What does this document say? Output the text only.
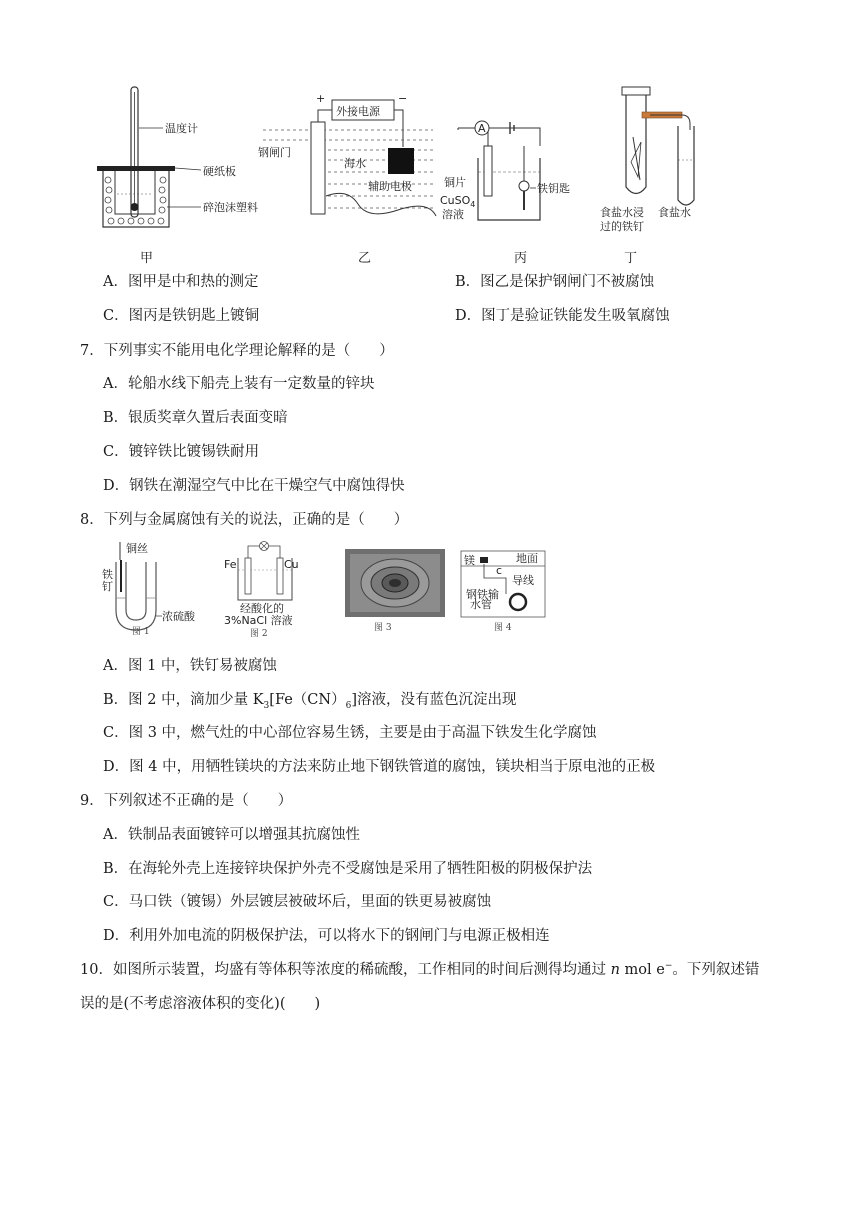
温度计
硬纸板
碎泡沫塑料
甲
+	−
外接电源
钢闸门
海水
辅助电极
乙
A
铜片
CuSO$_4$
溶液
铁钥匙
丙
食盐水浸
过的铁钉
食盐水
丁
A．图甲是中和热的测定	B．图乙是保护钢闸门不被腐蚀
C．图丙是铁钥匙上镀铜	D．图丁是验证铁能发生吸氧腐蚀
7．下列事实不能用电化学理论解释的是（　　）
A．轮船水线下船壳上装有一定数量的锌块
B．银质奖章久置后表面变暗
C．镀锌铁比镀锡铁耐用
D．钢铁在潮湿空气中比在干燥空气中腐蚀得快
8．下列与金属腐蚀有关的说法，正确的是（　　）
铜丝
铁
钉
浓硫酸
图 1
Fe	Cu
经酸化的
3%NaCl 溶液
图 2
图 3
镁	地面
c
导线
钢铁输
水管
图 4
A．图 1 中，铁钉易被腐蚀
B．图 2 中，滴加少量 $K_3[Fe(CN)_6]$溶液，没有蓝色沉淀出现
C．图 3 中，燃气灶的中心部位容易生锈，主要是由于高温下铁发生化学腐蚀
D．图 4 中，用牺牲镁块的方法来防止地下钢铁管道的腐蚀，镁块相当于原电池的正极
9．下列叙述不正确的是（　　）
A．铁制品表面镀锌可以增强其抗腐蚀性
B．在海轮外壳上连接锌块保护外壳不受腐蚀是采用了牺牲阳极的阴极保护法
C．马口铁（镀锡）外层镀层被破坏后，里面的铁更易被腐蚀
D．利用外加电流的阴极保护法，可以将水下的钢闸门与电源正极相连
10．如图所示装置，均盛有等体积等浓度的稀硫酸，工作相同的时间后测得均通过 n mol e−。下列叙述错
误的是(不考虑溶液体积的变化)(　　)
